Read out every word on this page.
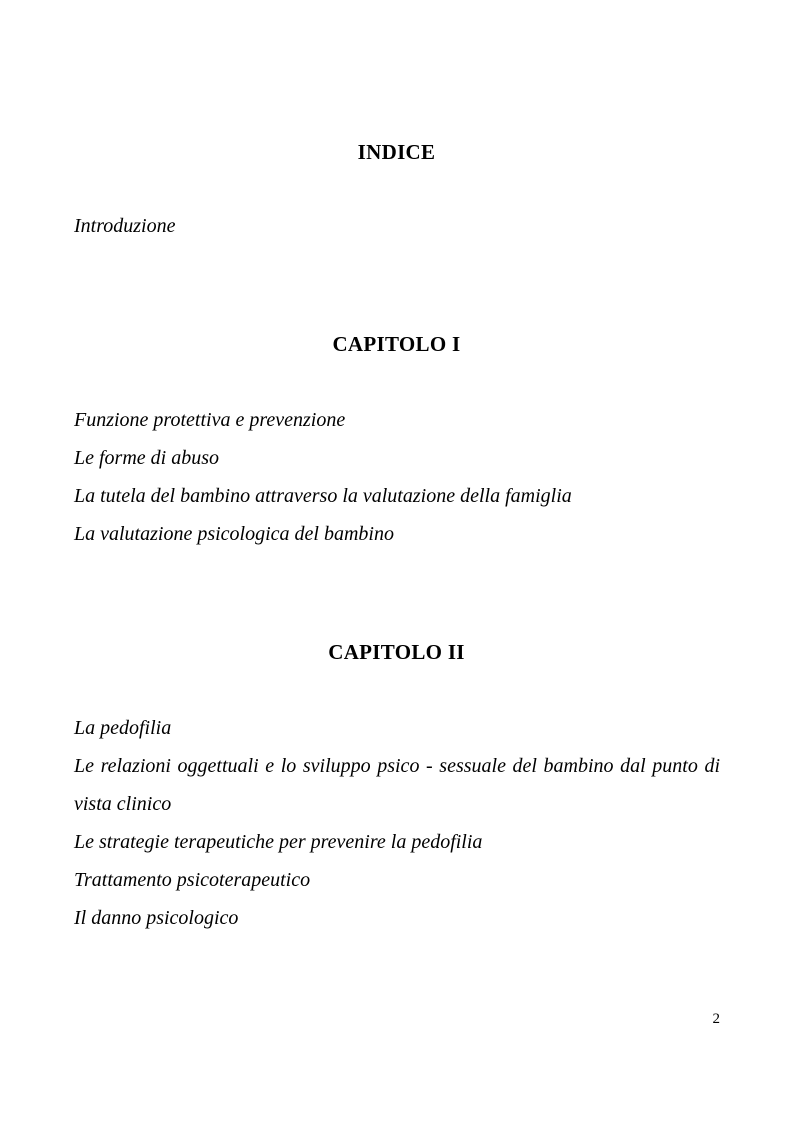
INDICE
Introduzione
CAPITOLO I
Funzione protettiva e prevenzione
Le forme di abuso
La tutela del bambino attraverso la valutazione della famiglia
La valutazione psicologica del bambino
CAPITOLO II
La pedofilia
Le relazioni oggettuali e lo sviluppo psico - sessuale del bambino dal punto di vista clinico
Le strategie terapeutiche per prevenire la pedofilia
Trattamento psicoterapeutico
Il danno psicologico
2
